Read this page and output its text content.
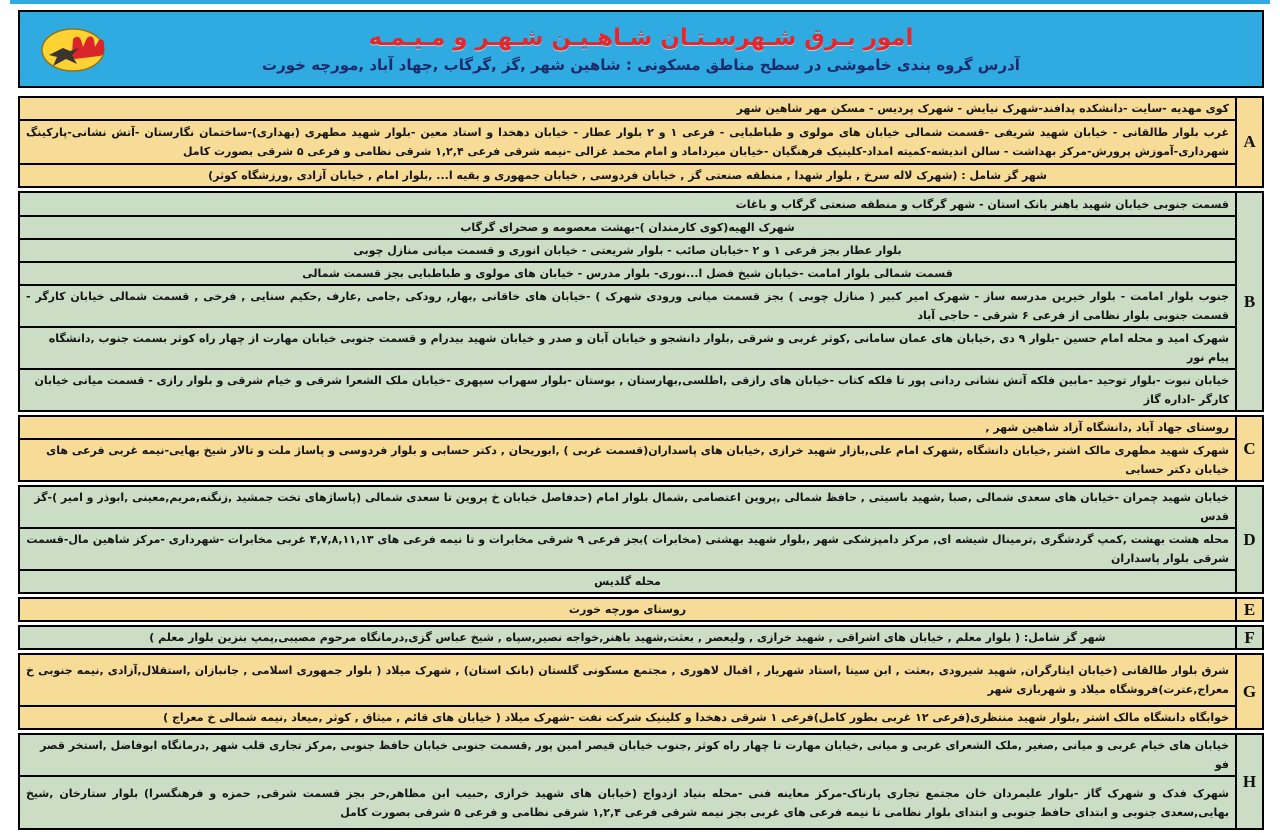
امور بـرق شـهرسـتـان شـاهـیـن شـهـر و مـیـمـه
آدرس گروه بندی خاموشی در سطح مناطق مسکونی : شاهین شهر ,گز ,گرگاب ,جهاد آباد ,مورچه خورت
A
کوی مهدیه -سایت -دانشکده پدافند-شهرک نیایش - شهرک پردیس - مسکن مهر شاهین شهر
غرب بلوار طالقانی - خیابان شهید شریفی -قسمت شمالی خیابان های مولوی و طباطبایی - فرعی ۱ و ۲ بلوار عطار - خیابان دهخدا و استاد معین -بلوار شهید مطهری (بهداری)-ساختمان نگارستان -آتش نشانی-پارکینگ شهرداری-آموزش پرورش-مرکز بهداشت - سالن اندیشه-کمیته امداد-کلینیک فرهنگیان -خیابان میرداماد و امام محمد غزالی -نیمه شرقی فرعی ۱,۲,۴ شرقی نظامی و فرعی ۵ شرقی بصورت کامل
شهر گز شامل : (شهرک لاله سرخ , بلوار شهدا , منطقه صنعتی گز , خیابان فردوسی , خیابان جمهوری و بقیه ا... ,بلوار امام , خیابان آزادی ,ورزشگاه کوثر)
B
قسمت جنوبی خیابان شهید باهنر بانک استان - شهر گرگاب و منطقه صنعتی گرگاب و باغات
شهرک الهیه(کوی کارمندان )-بهشت معصومه و صحرای گرگاب
بلوار عطار بجز فرعی ۱ و ۲ -خیابان صائب - بلوار شریعتی - خیابان انوری و قسمت میانی منازل چوبی
قسمت شمالی بلوار امامت -خیابان شیخ فضل ا...نوری- بلوار مدرس - خیابان های مولوی و طباطبایی بجز قسمت شمالی
جنوب بلوار امامت - بلوار خیرین مدرسه ساز - شهرک امیر کبیر ( منازل چوبی ) بجز قسمت میانی ورودی شهرک ) -خیابان های خاقانی ,بهار, رودکی ,جامی ,عارف ,حکیم سنایی , فرخی , قسمت شمالی خیابان کارگر - قسمت جنوبی بلوار نظامی از فرعی ۶ شرقی - حاجی آباد
شهرک امید و محله امام حسین -بلوار ۹ دی ,خیابان های عمان سامانی ,کوثر غربی و شرقی ,بلوار دانشجو و خیابان آبان و صدر و خیابان شهید بیدرام و قسمت جنوبی خیابان مهارت از چهار راه کوثر بسمت جنوب ,دانشگاه پیام نور
خیابان نبوت -بلوار توحید -مابین فلکه آتش نشانی ردانی پور تا فلکه کتاب -خیابان های رازقی ,اطلسی,بهارستان , بوستان -بلوار سهراب سپهری -خیابان ملک الشعرا شرقی و خیام شرقی و بلوار رازی - قسمت میانی خیابان کارگر -اداره گاز
C
روستای جهاد آباد ,دانشگاه آزاد شاهین شهر ,
شهرک شهید مطهری مالک اشتر ,خیابان دانشگاه ,شهرک امام علی,بازار شهید خرازی ,خیابان های پاسداران(قسمت غربی ) ,ابوریحان , دکتر حسابی و بلوار فردوسی و پاساژ ملت و تالار شیخ بهایی-نیمه غربی فرعی های خیابان دکتر حسابی
D
خیابان شهید چمران -خیابان های سعدی شمالی ,صبا ,شهید باسیتی , حافظ شمالی ,پروین اعتصامی ,شمال بلوار امام (حدفاصل خیابان خ پروین تا سعدی شمالی (پاساژهای تخت جمشید ,زنگنه,مریم,معینی ,ابوذر و امیر )-گز قدس
محله هشت بهشت ,کمپ گردشگری ,ترمینال شیشه ای, مرکز دامپزشکی شهر ,بلوار شهید بهشتی (مخابرات )بجز فرعی ۹ شرقی مخابرات و تا نیمه فرعی های ۴,۷,۸,۱۱,۱۳ غربی مخابرات -شهرداری -مرکز شاهین مال-قسمت شرقی بلوار پاسداران
محله گلدیس
E
روستای مورچه خورت
F
شهر گز شامل: ( بلوار معلم , خیابان های اشراقی , شهید خرازی , ولیعصر , بعثت,شهید باهنر,خواجه نصیر,سپاه , شیخ عباس گزی,درمانگاه مرحوم مصیبی,پمپ بنزین بلوار معلم )
G
شرق بلوار طالقانی (خیابان ایثارگران, شهید شیرودی ,بعثت , ابن سینا ,استاد شهریار , اقبال لاهوری , مجتمع مسکونی گلستان (بانک استان) , شهرک میلاد ( بلوار جمهوری اسلامی , جانبازان ,استقلال,آزادی ,نیمه جنوبی خ معراج,عترت)فروشگاه میلاد و شهربازی شهر
خوابگاه دانشگاه مالک اشتر ,بلوار شهید منتظری(فرعی ۱۲ غربی بطور کامل)فرعی ۱ شرقی دهخدا و کلینیک شرکت نفت -شهرک میلاد ( خیابان های قائم , میثاق , کوثر ,میعاد ,نیمه شمالی خ معراج )
H
خیابان های خیام غربی و میانی ,صغیر ,ملک الشعرای غربی و میانی ,خیابان مهارت تا چهار راه کوثر ,جنوب خیابان قیصر امین پور ,قسمت جنوبی خیابان حافظ جنوبی ,مرکز تجاری قلب شهر ,درمانگاه ابوفاضل ,استخر قصر فو
شهرک فدک و شهرک گاز -بلوار علیمردان خان مجتمع تجاری پارناک-مرکز معاینه فنی -محله بنیاد ازدواج (خیابان های شهید خرازی ,حبیب ابن مظاهر,حر بجز قسمت شرقی, حمزه و فرهنگسرا) بلوار ستارخان ,شیخ بهایی,سعدی جنوبی و ابتدای حافظ جنوبی و ابتدای بلوار نظامی تا نیمه فرعی های غربی بجز نیمه شرقی فرعی ۱,۲,۴ شرقی نظامی و فرعی ۵ شرقی بصورت کامل
